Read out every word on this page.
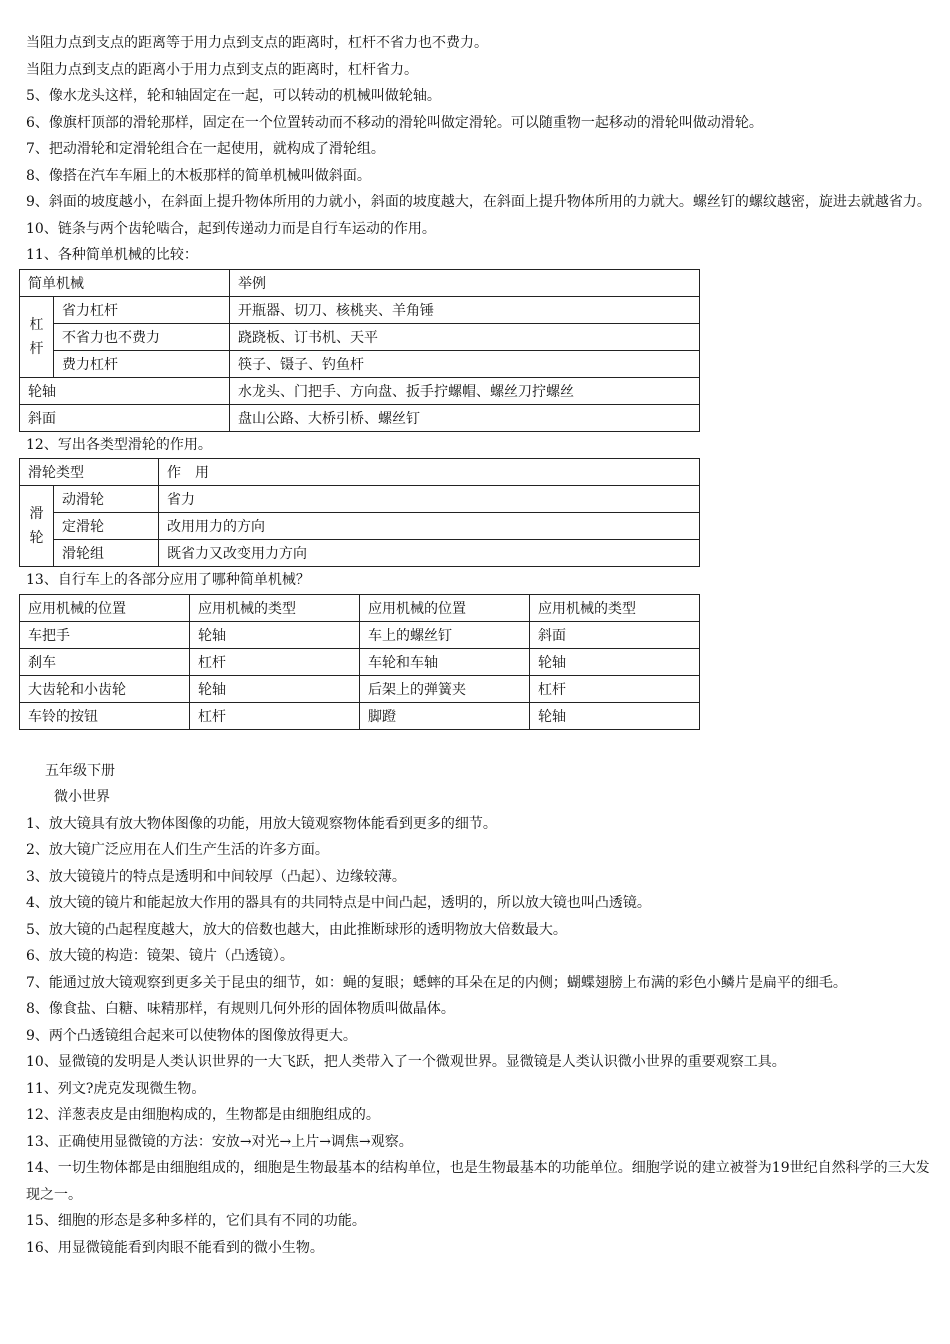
当阻力点到支点的距离等于用力点到支点的距离时，杠杆不省力也不费力。

当阻力点到支点的距离小于用力点到支点的距离时，杠杆省力。

5、像水龙头这样，轮和轴固定在一起，可以转动的机械叫做轮轴。

6、像旗杆顶部的滑轮那样，固定在一个位置转动而不移动的滑轮叫做定滑轮。可以随重物一起移动的滑轮叫做动滑轮。

7、把动滑轮和定滑轮组合在一起使用，就构成了滑轮组。

8、像搭在汽车车厢上的木板那样的简单机械叫做斜面。

9、斜面的坡度越小，在斜面上提升物体所用的力就小，斜面的坡度越大，在斜面上提升物体所用的力就大。螺丝钉的螺纹越密，旋进去就越省力。

10、链条与两个齿轮啮合，起到传递动力而是自行车运动的作用。

11、各种简单机械的比较：

简单机械		举例
杠杆	省力杠杆	开瓶器、切刀、核桃夹、羊角锤
	不省力也不费力	跷跷板、订书机、天平
	费力杠杆	筷子、镊子、钓鱼杆
轮轴		水龙头、门把手、方向盘、扳手拧螺帽、螺丝刀拧螺丝
斜面		盘山公路、大桥引桥、螺丝钉

12、写出各类型滑轮的作用。

滑轮类型		作　用
滑轮	动滑轮	省力
	定滑轮	改用用力的方向
	滑轮组	既省力又改变用力方向

13、自行车上的各部分应用了哪种简单机械？

应用机械的位置	应用机械的类型	应用机械的位置	应用机械的类型
车把手	轮轴	车上的螺丝钉	斜面
刹车	杠杆	车轮和车轴	轮轴
大齿轮和小齿轮	轮轴	后架上的弹簧夹	杠杆
车铃的按钮	杠杆	脚蹬	轮轴

五年级下册

微小世界

1、放大镜具有放大物体图像的功能，用放大镜观察物体能看到更多的细节。

2、放大镜广泛应用在人们生产生活的许多方面。

3、放大镜镜片的特点是透明和中间较厚（凸起）、边缘较薄。

4、放大镜的镜片和能起放大作用的器具有的共同特点是中间凸起，透明的，所以放大镜也叫凸透镜。

5、放大镜的凸起程度越大，放大的倍数也越大，由此推断球形的透明物放大倍数最大。

6、放大镜的构造：镜架、镜片（凸透镜）。

7、能通过放大镜观察到更多关于昆虫的细节，如：蝇的复眼；蟋蟀的耳朵在足的内侧；蝴蝶翅膀上布满的彩色小鳞片是扁平的细毛。

8、像食盐、白糖、味精那样，有规则几何外形的固体物质叫做晶体。

9、两个凸透镜组合起来可以使物体的图像放得更大。

10、显微镜的发明是人类认识世界的一大飞跃，把人类带入了一个微观世界。显微镜是人类认识微小世界的重要观察工具。

11、列文?虎克发现微生物。

12、洋葱表皮是由细胞构成的，生物都是由细胞组成的。

13、正确使用显微镜的方法：安放→对光→上片→调焦→观察。

14、一切生物体都是由细胞组成的，细胞是生物最基本的结构单位，也是生物最基本的功能单位。细胞学说的建立被誉为19世纪自然科学的三大发现之一。

15、细胞的形态是多种多样的，它们具有不同的功能。

16、用显微镜能看到肉眼不能看到的微小生物。
